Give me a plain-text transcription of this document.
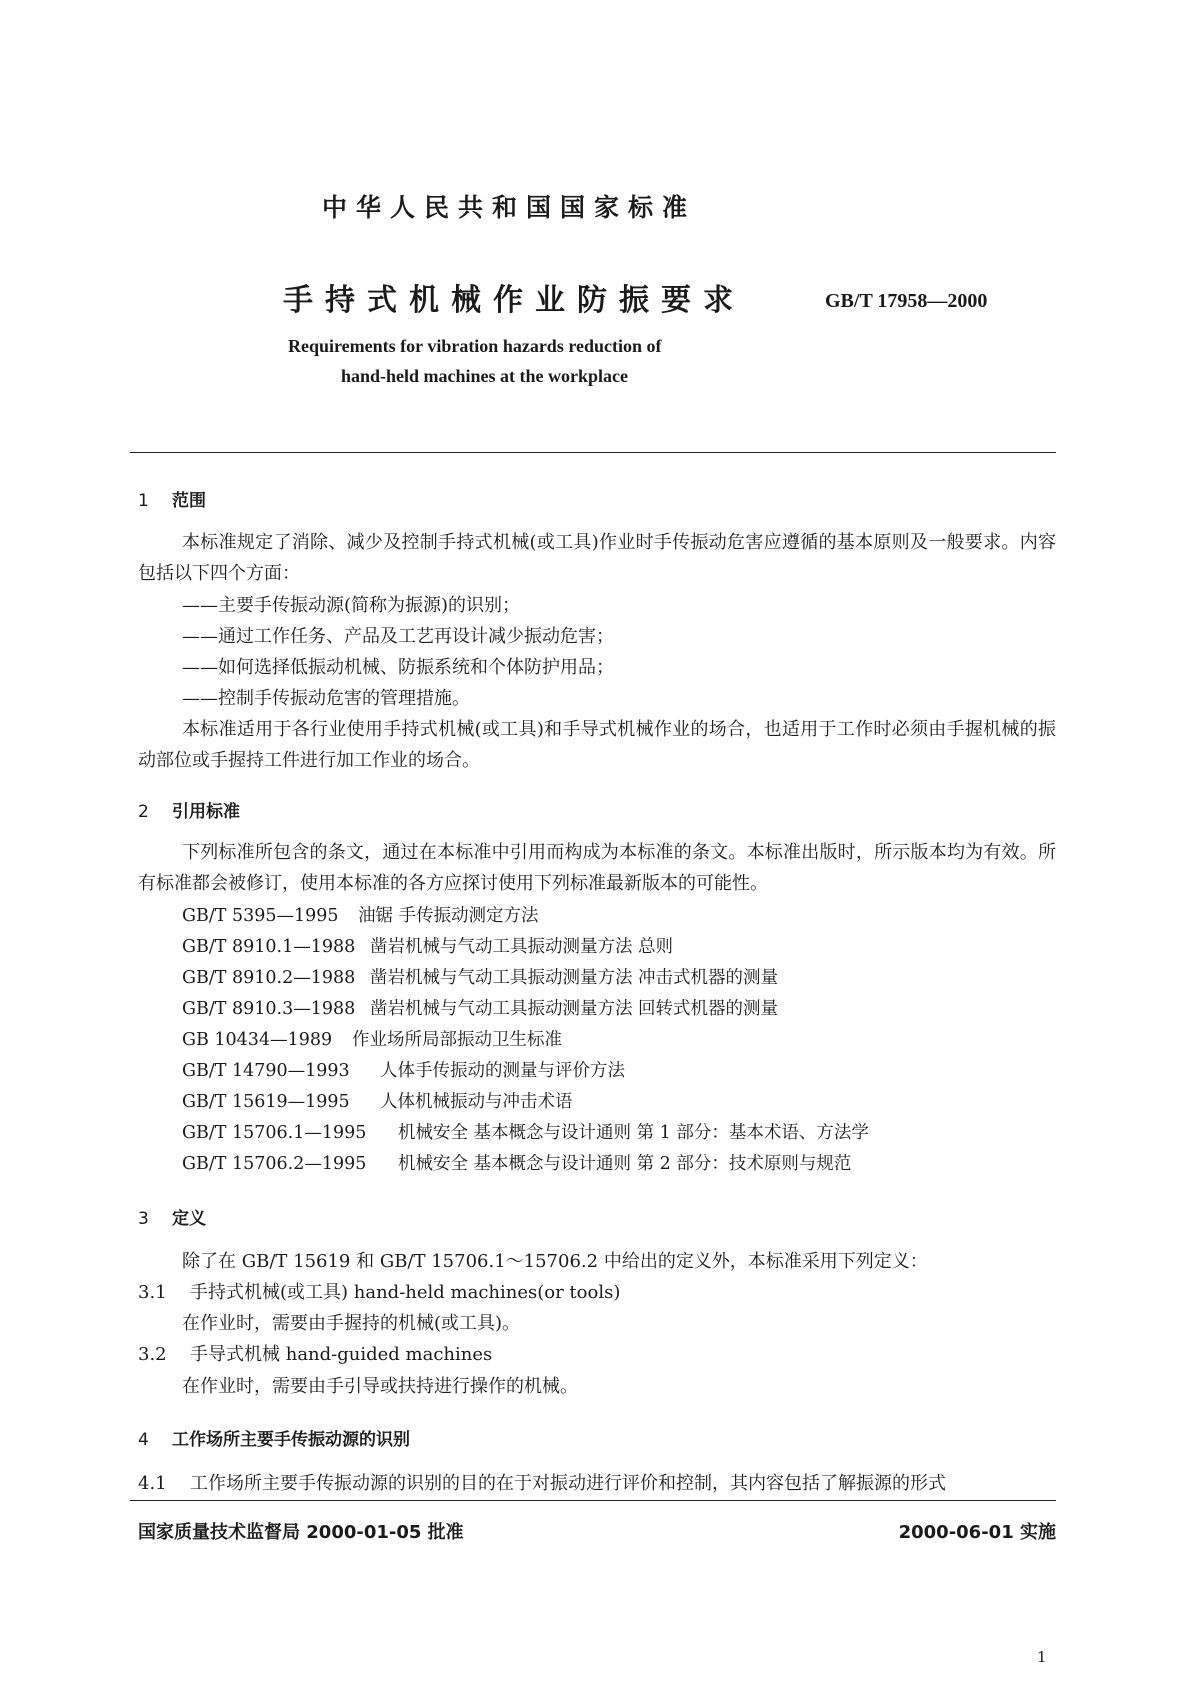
中华人民共和国国家标准
手持式机械作业防振要求	GB/T 17958—2000
Requirements for vibration hazards reduction of
hand-held machines at the workplace
1 范围
本标准规定了消除、减少及控制手持式机械(或工具)作业时手传振动危害应遵循的基本原则及一般要求。内容包括以下四个方面：
——主要手传振动源(简称为振源)的识别；
——通过工作任务、产品及工艺再设计减少振动危害；
——如何选择低振动机械、防振系统和个体防护用品；
——控制手传振动危害的管理措施。
本标准适用于各行业使用手持式机械(或工具)和手导式机械作业的场合，也适用于工作时必须由手握机械的振动部位或手握持工件进行加工作业的场合。
2 引用标准
下列标准所包含的条文，通过在本标准中引用而构成为本标准的条文。本标准出版时，所示版本均为有效。所有标准都会被修订，使用本标准的各方应探讨使用下列标准最新版本的可能性。
GB/T 5395—1995 油锯 手传振动测定方法
GB/T 8910.1—1988 凿岩机械与气动工具振动测量方法 总则
GB/T 8910.2—1988 凿岩机械与气动工具振动测量方法 冲击式机器的测量
GB/T 8910.3—1988 凿岩机械与气动工具振动测量方法 回转式机器的测量
GB 10434—1989 作业场所局部振动卫生标准
GB/T 14790—1993 人体手传振动的测量与评价方法
GB/T 15619—1995 人体机械振动与冲击术语
GB/T 15706.1—1995 机械安全 基本概念与设计通则 第 1 部分：基本术语、方法学
GB/T 15706.2—1995 机械安全 基本概念与设计通则 第 2 部分：技术原则与规范
3 定义
除了在 GB/T 15619 和 GB/T 15706.1～15706.2 中给出的定义外，本标准采用下列定义：
3.1 手持式机械(或工具) hand-held machines(or tools)
在作业时，需要由手握持的机械(或工具)。
3.2 手导式机械 hand-guided machines
在作业时，需要由手引导或扶持进行操作的机械。
4 工作场所主要手传振动源的识别
4.1 工作场所主要手传振动源的识别的目的在于对振动进行评价和控制，其内容包括了解振源的形式
国家质量技术监督局 2000-01-05 批准	2000-06-01 实施
1
